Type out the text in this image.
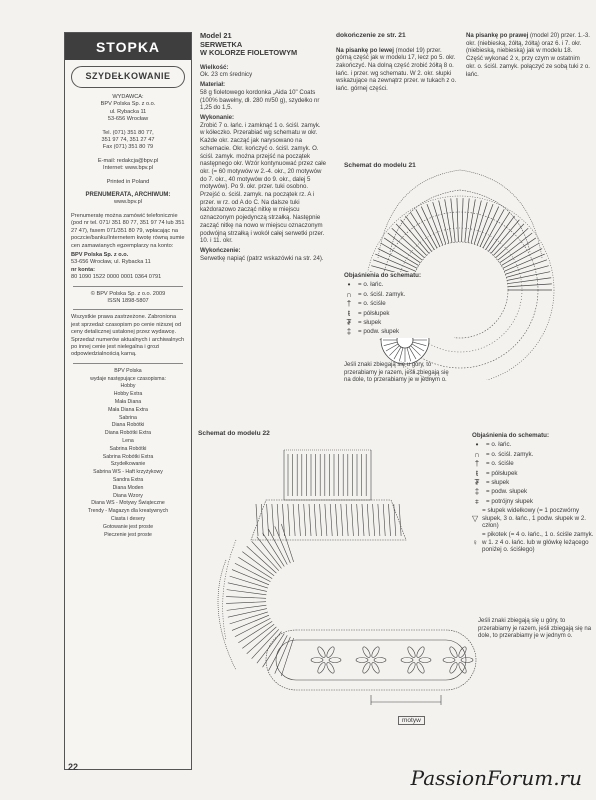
STOPKA
SZYDEŁKOWANIE
WYDAWCA:
BPV Polska Sp. z o.o.
ul. Rybacka 11
53-656 Wrocław
Tel. (071) 351 80 77,
351 97 74, 351 27 47
Fax (071) 351 80 79
E-mail: redakcja@bpv.pl
Internet: www.bpv.pl
Printed in Poland
PRENUMERATA, ARCHIWUM:
www.bpv.pl
Prenumeratę można zamówić telefonicznie (pod nr tel. 071/ 351 80 77, 351 97 74 lub 351 27 47), faxem 071/351 80 79, wpłacając na poczcie/banku/Internetem kwotę równą sumie cen zamawianych egzemplarzy na konto:
BPV Polska Sp. z o.o.
53-656 Wrocław, ul. Rybacka 11
nr konta:
80 1090 1522 0000 0001 0364 0791
© BPV Polska Sp. z o.o. 2009
ISSN 1898-5807
Wszystkie prawa zastrzeżone. Zabroniona jest sprzedaż czasopism po cenie niższej od ceny detalicznej ustalonej przez wydawcę. Sprzedaż numerów aktualnych i archiwalnych po innej cenie jest nielegalna i grozi odpowiedzialnością karną.
BPV Polska
wydaje następujące czasopisma:
Hobby
Hobby Extra
Mała Diana
Mała Diana Extra
Sabrina
Diana Robótki
Diana Robótki Extra
Lena
Sabrina Robótki
Sabrina Robótki Extra
Szydełkowanie
Sabrina WS - Haft krzyżykowy
Sandra Extra
Diana Moden
Diana Wzory
Diana WS - Motywy Świąteczne
Trendy - Magazyn dla kreatywnych
Ciasta i desery
Gotowanie jest proste
Pieczenie jest proste
Model 21
SERWETKA
W KOLORZE FIOLETOWYM

Wielkość:
Ok. 23 cm średnicy

Materiał:
58 g fioletowego kordonka „Aida 10" Coats (100% bawełny, dł. 280 m/50 g), szydełko nr 1,25 do 1,5.

Wykonanie:
Zrobić 7 o. łańc. i zamknąć 1 o. ściśl. zamyk. w kółeczko. Przerabiać wg schematu w okr. Każde okr. zacząć jak narysowano na schemacie. Okr. kończyć o. ściśl. zamyk. O. ściśl. zamyk. można przejść na początek następnego okr. Wzór kontynuować przez całe okr. (= 60 motywów w 2.-4. okr., 20 motywów do 7. okr., 40 motywów do 9. okr., dalej 5 motywów). Po 9. okr. przer. tuki osobno. Przejść o. ściśl. zamyk. na początek rz. A i przer. w rz. od A do C. Na dalsze tuki każdorazowo zacząć nitkę w miejscu oznaczonym pojedynczą strzałką. Następnie zacząć nitkę na nowo w miejscu oznaczonym podwójną strzałką i wokół całej serwetki przer. 10. i 11. okr.

Wykończenie:
Serwetkę napiąć (patrz wskazówki na str. 24).

dokończenie ze str. 21

Na pisankę po lewej (model 19) przer. górną część jak w modelu 17, lecz po 5. okr. zakończyć. Na dolną część zrobić żółtą 8 o. łańc. i przer. wg schematu. W 2. okr. słupki wskazujące na zewnątrz przer. w tukach z o. łańc. górnej części.

Na pisankę po prawej (model 20) przer. 1.-3. okr. (niebieską, żółtą, żółtą) oraz 6. i 7. okr. (niebieską, niebieską) jak w modelu 18. Część wykonać 2 x, przy czym w ostatnim okr. o. ściśl. zamyk. połączyć ze sobą tuki z o. łańc.

Schemat do modelu 21
Objaśnienia do schematu:
•	= o. łańc.
∩ = o. ściśl. zamyk.
†	= o. ściśle
ŧ	= półsłupek
₮	= słupek
‡	= podw. słupek
Jeśli znaki zbiegają się u góry, to przerabiamy je razem, jeśli zbiegają się na dole, to przerabiamy je w jednym o.
Schemat do modelu 22
motyw
Objaśnienia do schematu:
•	= o. łańc.
∩ = o. ściśl. zamyk.
†	= o. ściśle
ŧ	= półsłupek
₮	= słupek
‡	= podw. słupek
⧧	= potrójny słupek
▽
= słupek widełkowy (= 1 poczwórny słupek, 3 o. łańc., 1 podw. słupek w 2. człon)
♀
= pikotek (= 4 o. łańc., 1 o. ściśle zamyk. w 1. z 4 o. łańc. lub w główkę leżącego poniżej o. ściśłego)
Jeśli znaki zbiegają się u góry, to przerabiamy je razem, jeśli zbiegają się na dole, to przerabiamy je w jednym o.
22	PassionForum.ru
